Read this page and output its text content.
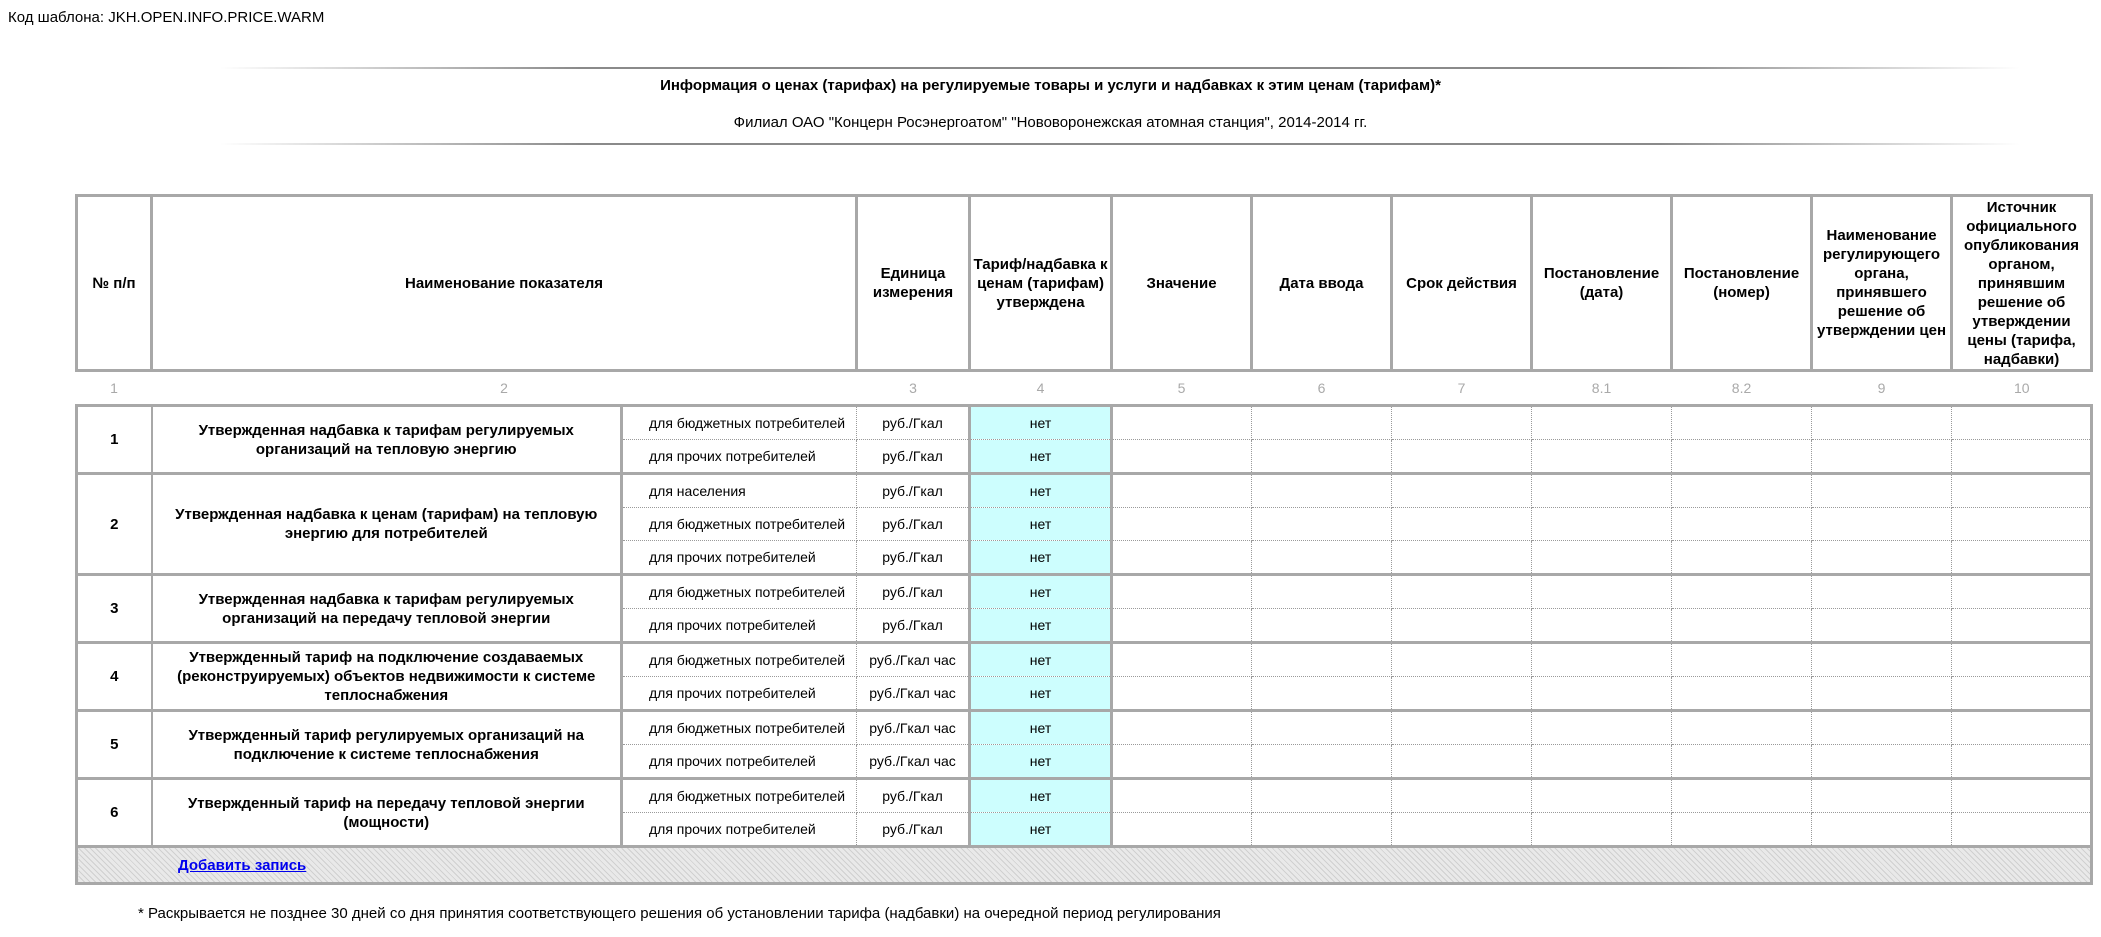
Код шаблона: JKH.OPEN.INFO.PRICE.WARM
Информация о ценах (тарифах) на регулируемые товары и услуги и надбавках к этим ценам (тарифам)*
Филиал ОАО "Концерн Росэнергоатом" "Нововоронежская атомная станция", 2014-2014 гг.
№ п/п	Наименование показателя		Единица измерения	Тариф/надбавка к ценам (тарифам) утверждена	Значение	Дата ввода	Срок действия	Постановление (дата)	Постановление (номер)	Наименование регулирующего органа, принявшего решение об утверждении цен	Источник официального опубликования органом, принявшим решение об утверждении цены (тарифа, надбавки)
1	2		3	4	5	6	7	8.1	8.2	9	10
1	Утвержденная надбавка к тарифам регулируемых организаций на тепловую энергию	для бюджетных потребителей	руб./Гкал	нет							
		для прочих потребителей	руб./Гкал	нет							
2	Утвержденная надбавка к ценам (тарифам) на тепловую энергию для потребителей	для населения	руб./Гкал	нет							
		для бюджетных потребителей	руб./Гкал	нет							
		для прочих потребителей	руб./Гкал	нет							
3	Утвержденная надбавка к тарифам регулируемых организаций на передачу тепловой энергии	для бюджетных потребителей	руб./Гкал	нет							
		для прочих потребителей	руб./Гкал	нет							
4	Утвержденный тариф на подключение создаваемых (реконструируемых) объектов недвижимости к системе теплоснабжения	для бюджетных потребителей	руб./Гкал час	нет							
		для прочих потребителей	руб./Гкал час	нет							
5	Утвержденный тариф регулируемых организаций на подключение к системе теплоснабжения	для бюджетных потребителей	руб./Гкал час	нет							
		для прочих потребителей	руб./Гкал час	нет							
6	Утвержденный тариф на передачу тепловой энергии (мощности)	для бюджетных потребителей	руб./Гкал	нет							
		для прочих потребителей	руб./Гкал	нет							
Добавить запись											
* Раскрывается не позднее 30 дней со дня принятия соответствующего решения об установлении тарифа (надбавки) на очередной период регулирования
